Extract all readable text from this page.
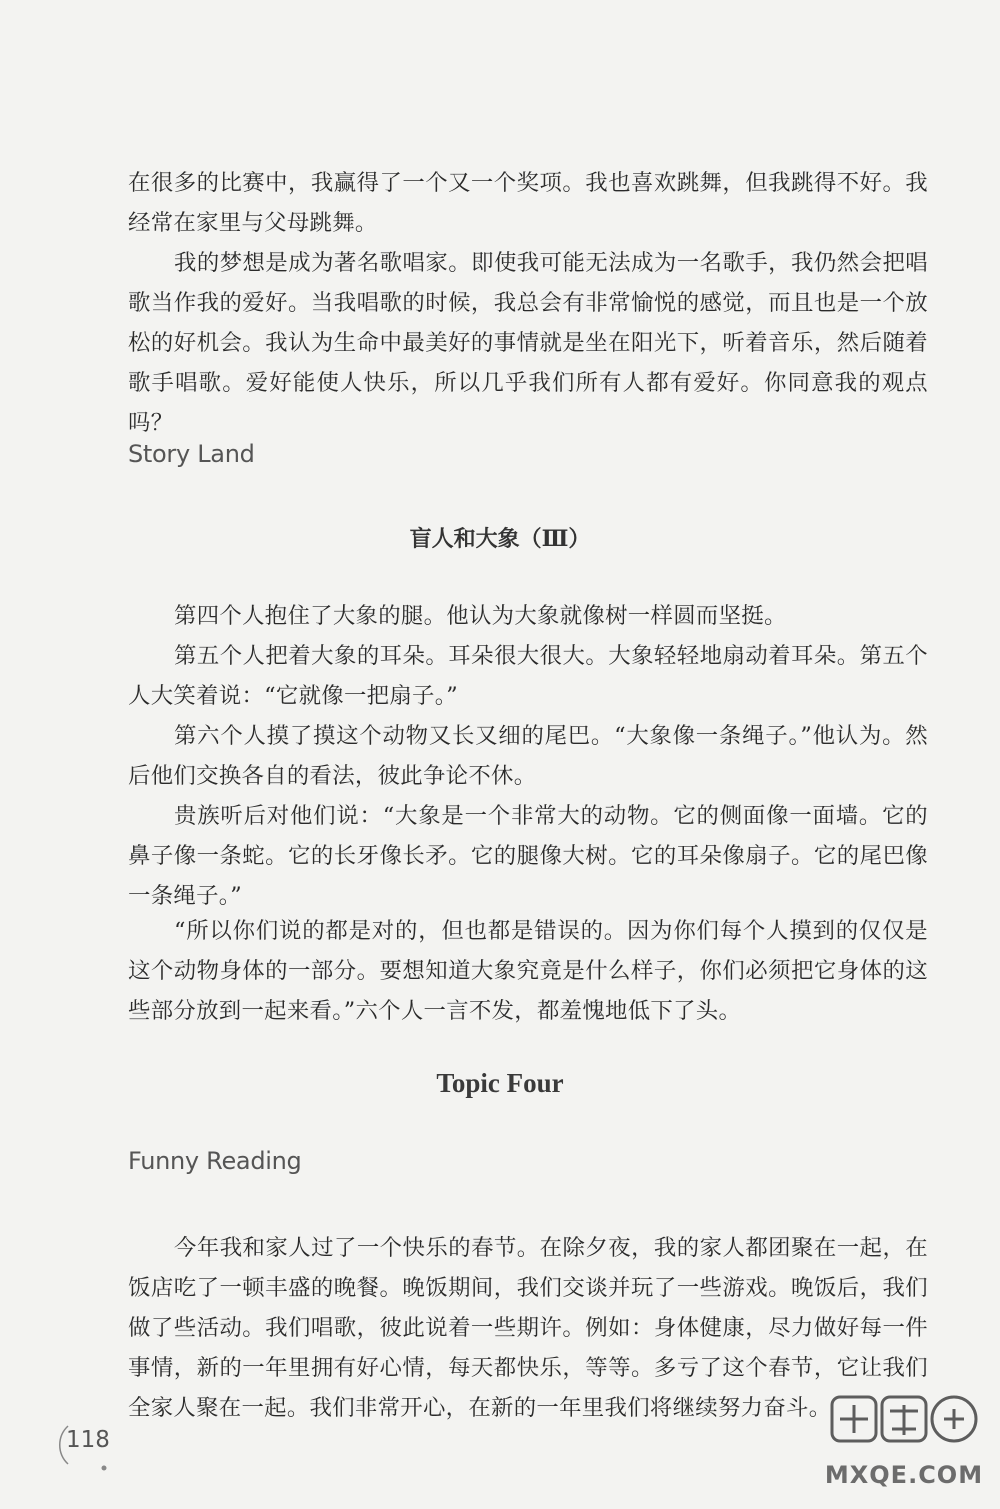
在很多的比赛中，我赢得了一个又一个奖项。我也喜欢跳舞，但我跳得不好。我经常在家里与父母跳舞。

我的梦想是成为著名歌唱家。即使我可能无法成为一名歌手，我仍然会把唱歌当作我的爱好。当我唱歌的时候，我总会有非常愉悦的感觉，而且也是一个放松的好机会。我认为生命中最美好的事情就是坐在阳光下，听着音乐，然后随着歌手唱歌。爱好能使人快乐，所以几乎我们所有人都有爱好。你同意我的观点吗？

Story Land

盲人和大象（Ⅲ）

第四个人抱住了大象的腿。他认为大象就像树一样圆而坚挺。

第五个人把着大象的耳朵。耳朵很大很大。大象轻轻地扇动着耳朵。第五个人大笑着说：“它就像一把扇子。”

第六个人摸了摸这个动物又长又细的尾巴。“大象像一条绳子。”他认为。然后他们交换各自的看法，彼此争论不休。

贵族听后对他们说：“大象是一个非常大的动物。它的侧面像一面墙。它的鼻子像一条蛇。它的长牙像长矛。它的腿像大树。它的耳朵像扇子。它的尾巴像一条绳子。”

“所以你们说的都是对的，但也都是错误的。因为你们每个人摸到的仅仅是这个动物身体的一部分。要想知道大象究竟是什么样子，你们必须把它身体的这些部分放到一起来看。”六个人一言不发，都羞愧地低下了头。

Topic Four

Funny Reading

今年我和家人过了一个快乐的春节。在除夕夜，我的家人都团聚在一起，在饭店吃了一顿丰盛的晚餐。晚饭期间，我们交谈并玩了一些游戏。晚饭后，我们做了些活动。我们唱歌，彼此说着一些期许。例如：身体健康，尽力做好每一件事情，新的一年里拥有好心情，每天都快乐，等等。多亏了这个春节，它让我们全家人聚在一起。我们非常开心，在新的一年里我们将继续努力奋斗。

118
MXQE.COM
